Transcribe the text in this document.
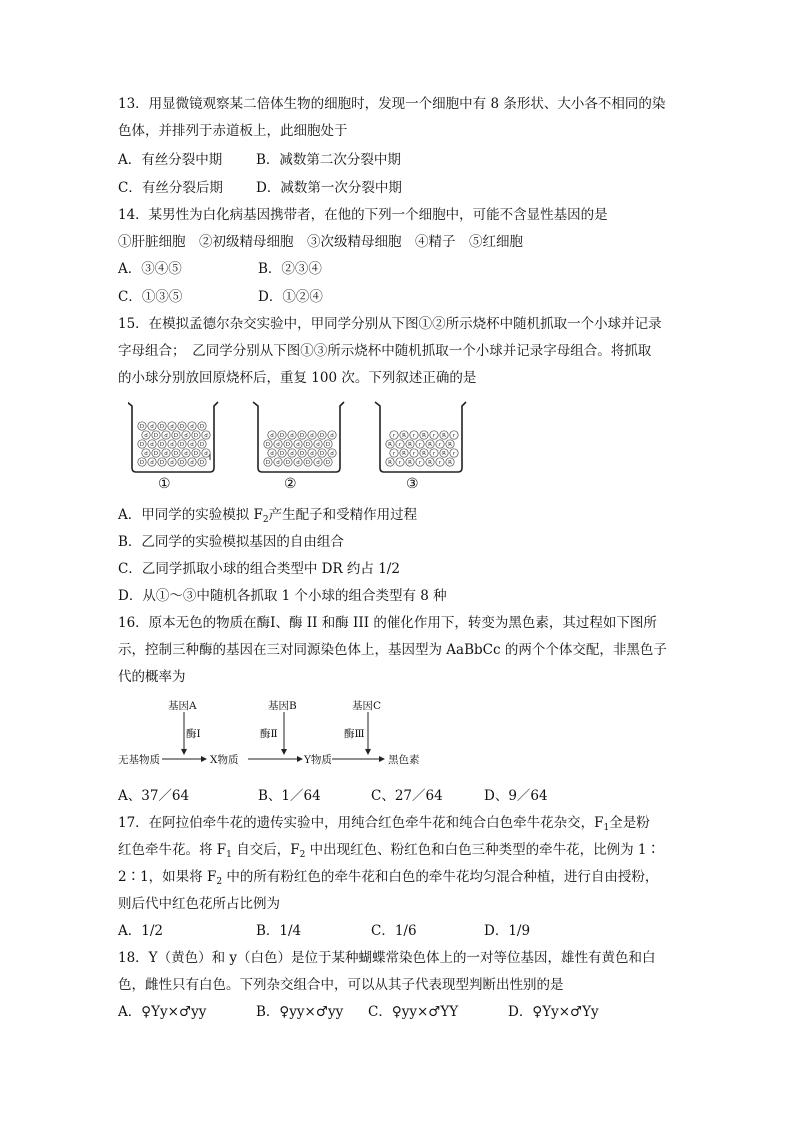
13．用显微镜观察某二倍体生物的细胞时，发现一个细胞中有 8 条形状、大小各不相同的染
色体，并排列于赤道板上，此细胞处于
A．有丝分裂中期	B．减数第二次分裂中期
C．有丝分裂后期 D．减数第一次分裂中期
14．某男性为白化病基因携带者，在他的下列一个细胞中，可能不含显性基因的是
①肝脏细胞　②初级精母细胞　③次级精母细胞　④精子　⑤红细胞
A．③④⑤	B．②③④
C．①③⑤	D．①②④
15．在模拟孟德尔杂交实验中，甲同学分别从下图①②所示烧杯中随机抓取一个小球并记录
字母组合；　乙同学分别从下图①③所示烧杯中随机抓取一个小球并记录字母组合。将抓取
的小球分别放回原烧杯后，重复 100 次。下列叙述正确的是
D d D d D d D
d D d D d D d
D d D d D d D
d D d D d D d
D d D d D d D
D d D d D d D
d D d D d D d
D d D d D d D
d D d D d D d
R r R r R r R
r R r R r R r
R r R r R r R
r R r R r R r
①	②	③
A．甲同学的实验模拟 $F_2$产生配子和受精作用过程
B．乙同学的实验模拟基因的自由组合
C．乙同学抓取小球的组合类型中 DR 约占 1/2
D．从①～③中随机各抓取 1 个小球的组合类型有 8 种
16．原本无色的物质在酶Ⅰ、酶 II 和酶 III 的催化作用下，转变为黑色素，其过程如下图所
示，控制三种酶的基因在三对同源染色体上，基因型为 AaBbCc 的两个个体交配，非黑色子
代的概率为
基因A	基因B	基因C
酶Ⅰ	酶Ⅱ	酶Ⅲ
无基物质	X物质	Y物质	黑色素
A、37／64	B、1／64	C、27／64	D、9／64
17．在阿拉伯牵牛花的遗传实验中，用纯合红色牵牛花和纯合白色牵牛花杂交，$F_1$全是粉
红色牵牛花。将 $F_1$ 自交后，$F_2$ 中出现红色、粉红色和白色三种类型的牵牛花，比例为 1∶
2∶1，如果将 $F_2$ 中的所有粉红色的牵牛花和白色的牵牛花均匀混合种植，进行自由授粉，
则后代中红色花所占比例为
A．1/2	B．1/4	C．1/6	D．1/9
18．Y（黄色）和 y（白色）是位于某种蝴蝶常染色体上的一对等位基因，雄性有黄色和白
色，雌性只有白色。下列杂交组合中，可以从其子代表现型判断出性别的是
A．♀Yy×♂yy	B．♀yy×♂yy C．♀yy×♂YY	D．♀Yy×♂Yy
